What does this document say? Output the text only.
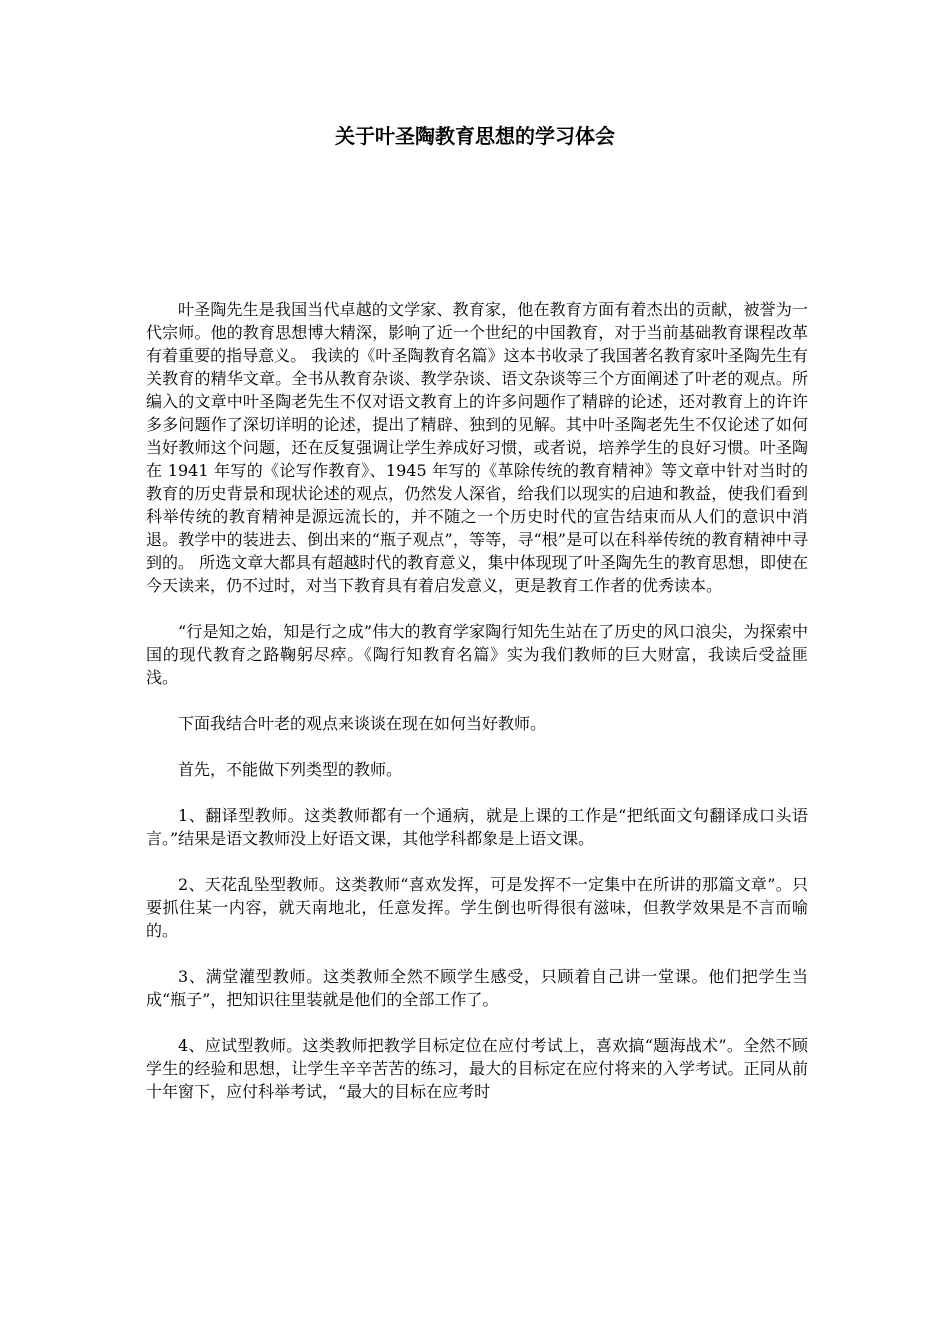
关于叶圣陶教育思想的学习体会

叶圣陶先生是我国当代卓越的文学家、教育家，他在教育方面有着杰出的贡献，被誉为一代宗师。他的教育思想博大精深，影响了近一个世纪的中国教育，对于当前基础教育课程改革有着重要的指导意义。 我读的《叶圣陶教育名篇》这本书收录了我国著名教育家叶圣陶先生有关教育的精华文章。全书从教育杂谈、教学杂谈、语文杂谈等三个方面阐述了叶老的观点。所编入的文章中叶圣陶老先生不仅对语文教育上的许多问题作了精辟的论述，还对教育上的许许多多问题作了深切详明的论述，提出了精辟、独到的见解。其中叶圣陶老先生不仅论述了如何当好教师这个问题，还在反复强调让学生养成好习惯，或者说，培养学生的良好习惯。叶圣陶在 1941 年写的《论写作教育》、1945 年写的《革除传统的教育精神》等文章中针对当时的教育的历史背景和现状论述的观点，仍然发人深省，给我们以现实的启迪和教益，使我们看到科举传统的教育精神是源远流长的，并不随之一个历史时代的宣告结束而从人们的意识中消退。教学中的装进去、倒出来的“瓶子观点”，等等，寻“根”是可以在科举传统的教育精神中寻到的。 所选文章大都具有超越时代的教育意义，集中体现现了叶圣陶先生的教育思想，即使在今天读来，仍不过时，对当下教育具有着启发意义，更是教育工作者的优秀读本。

“行是知之始，知是行之成”伟大的教育学家陶行知先生站在了历史的风口浪尖，为探索中国的现代教育之路鞠躬尽瘁。《陶行知教育名篇》实为我们教师的巨大财富，我读后受益匪浅。

下面我结合叶老的观点来谈谈在现在如何当好教师。

首先，不能做下列类型的教师。

1、翻译型教师。这类教师都有一个通病，就是上课的工作是“把纸面文句翻译成口头语言。”结果是语文教师没上好语文课，其他学科都象是上语文课。

2、天花乱坠型教师。这类教师“喜欢发挥，可是发挥不一定集中在所讲的那篇文章”。只要抓住某一内容，就天南地北，任意发挥。学生倒也听得很有滋味，但教学效果是不言而喻的。

3、满堂灌型教师。这类教师全然不顾学生感受，只顾着自己讲一堂课。他们把学生当成“瓶子”，把知识往里装就是他们的全部工作了。

4、应试型教师。这类教师把教学目标定位在应付考试上，喜欢搞“题海战术”。全然不顾学生的经验和思想，让学生辛辛苦苦的练习，最大的目标定在应付将来的入学考试。正同从前十年窗下，应付科举考试，“最大的目标在应考时
